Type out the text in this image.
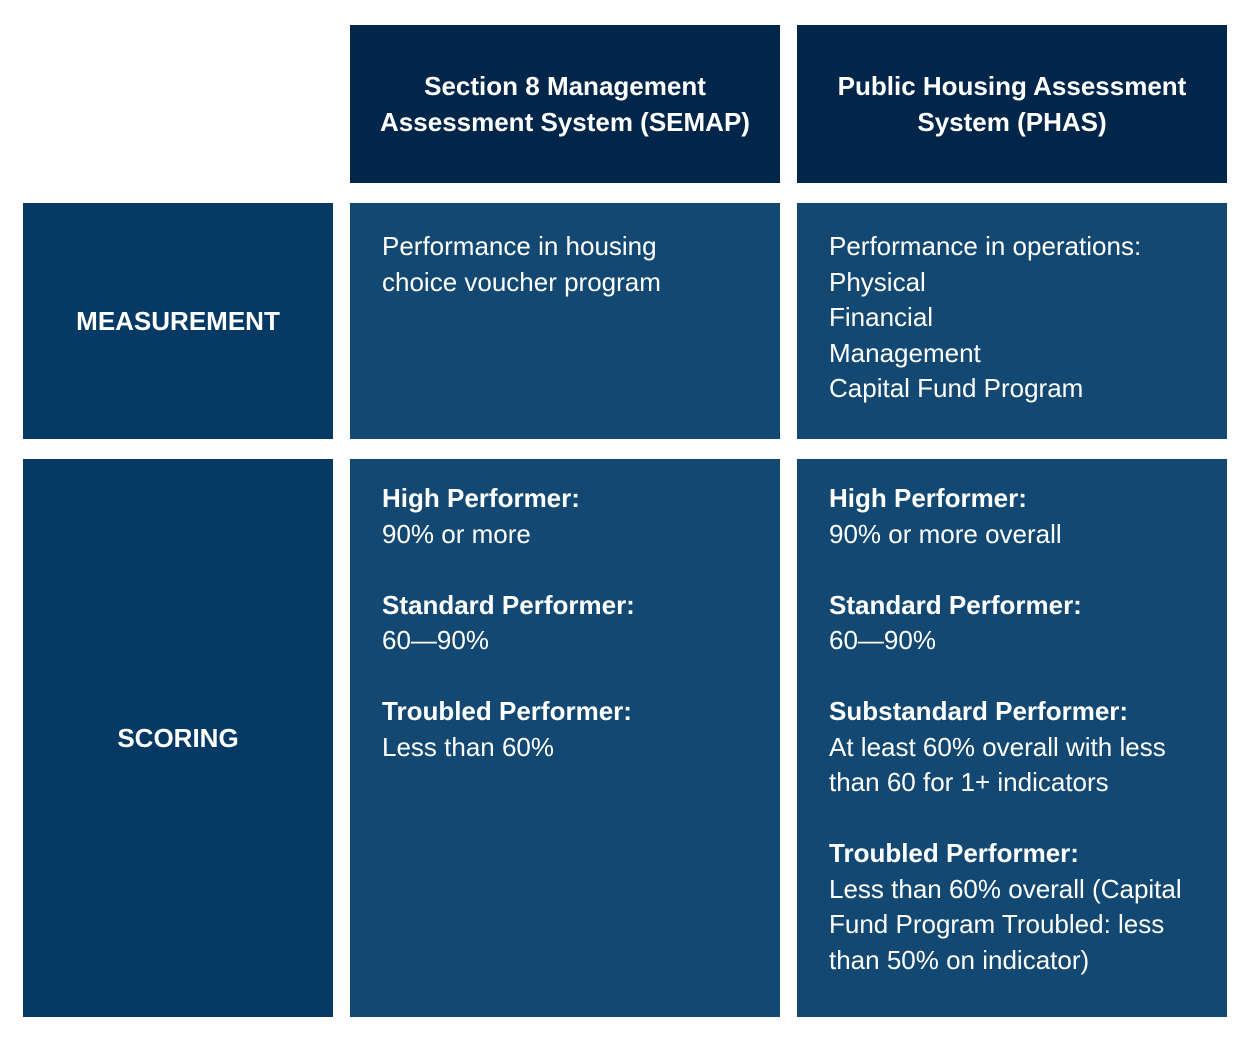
Section 8 Management
Assessment System (SEMAP)
Public Housing Assessment
System (PHAS)
MEASUREMENT
SCORING
Performance in housing
choice voucher program
Performance in operations:
Physical
Financial
Management
Capital Fund Program
High Performer:
90% or more
Standard Performer:
60—90%
Troubled Performer:
Less than 60%
High Performer:
90% or more overall
Standard Performer:
60—90%
Substandard Performer:
At least 60% overall with less
than 60 for 1+ indicators
Troubled Performer:
Less than 60% overall (Capital
Fund Program Troubled: less
than 50% on indicator)
